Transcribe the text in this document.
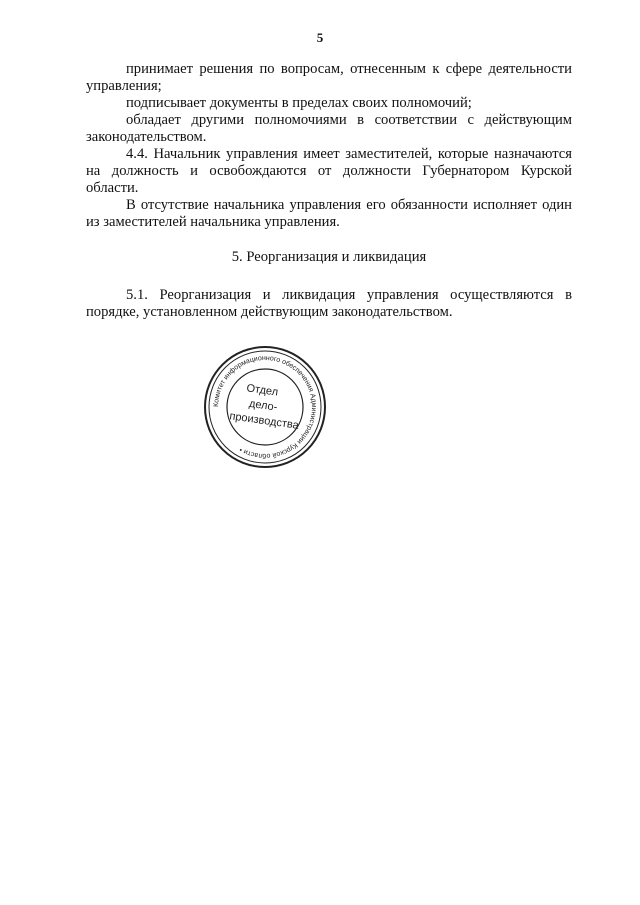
5

принимает решения по вопросам, отнесенным к сфере деятельности управления;

подписывает документы в пределах своих полномочий;

обладает другими полномочиями в соответствии с действующим законодательством.

4.4. Начальник управления имеет заместителей, которые назначаются на должность и освобождаются от должности Губернатором Курской области.

В отсутствие начальника управления его обязанности исполняет один из заместителей начальника управления.

5. Реорганизация и ликвидация

5.1. Реорганизация и ликвидация управления осуществляются в порядке, установленном действующим законодательством.

Комитет информационного обеспечения Администрации Курской области •
Отдел
дело-
производства
